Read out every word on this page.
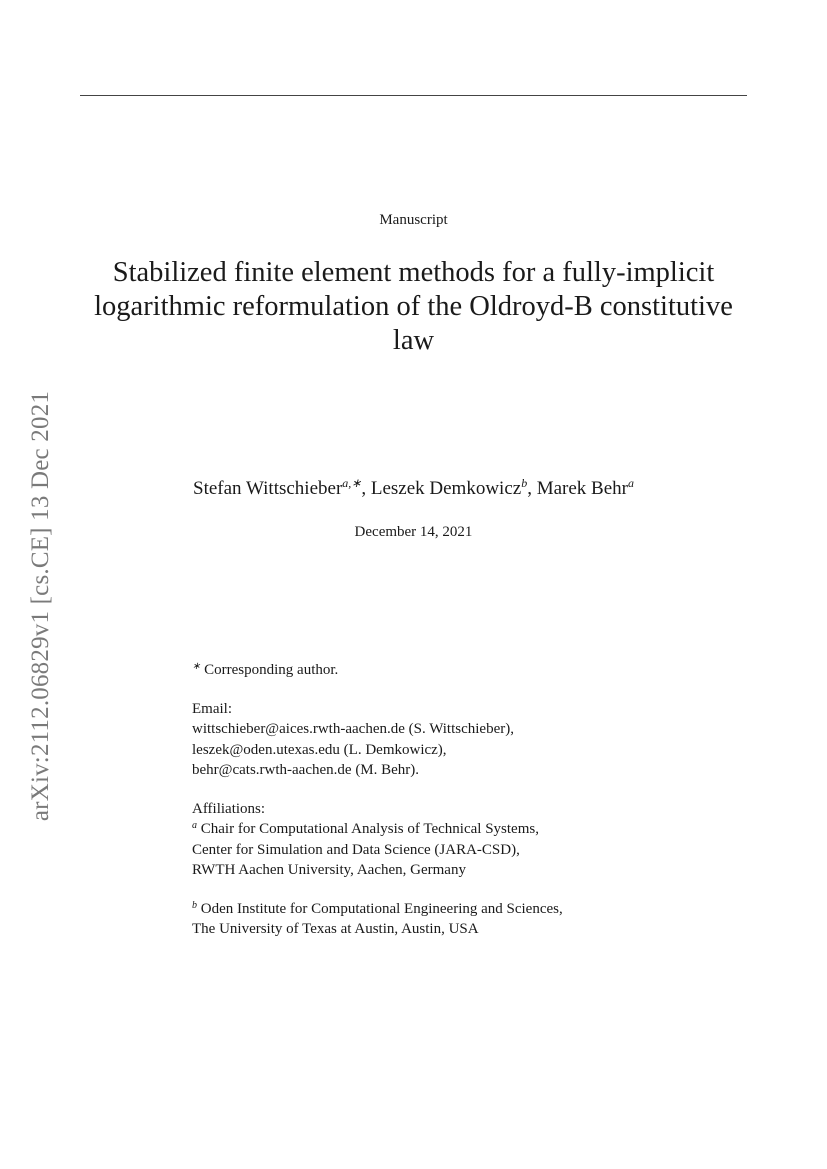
arXiv:2112.06829v1 [cs.CE] 13 Dec 2021
Manuscript
Stabilized finite element methods for a fully-implicit
logarithmic reformulation of the Oldroyd-B constitutive
law
Stefan Wittschieber$^{a,∗}$, Leszek Demkowicz$^b$, Marek Behr$^a$
December 14, 2021
∗ Corresponding author.
Email:
wittschieber@aices.rwth-aachen.de (S. Wittschieber),
leszek@oden.utexas.edu (L. Demkowicz),
behr@cats.rwth-aachen.de (M. Behr).
Affiliations:
$^a$ Chair for Computational Analysis of Technical Systems,
Center for Simulation and Data Science (JARA-CSD),
RWTH Aachen University, Aachen, Germany
$^b$ Oden Institute for Computational Engineering and Sciences,
The University of Texas at Austin, Austin, USA
